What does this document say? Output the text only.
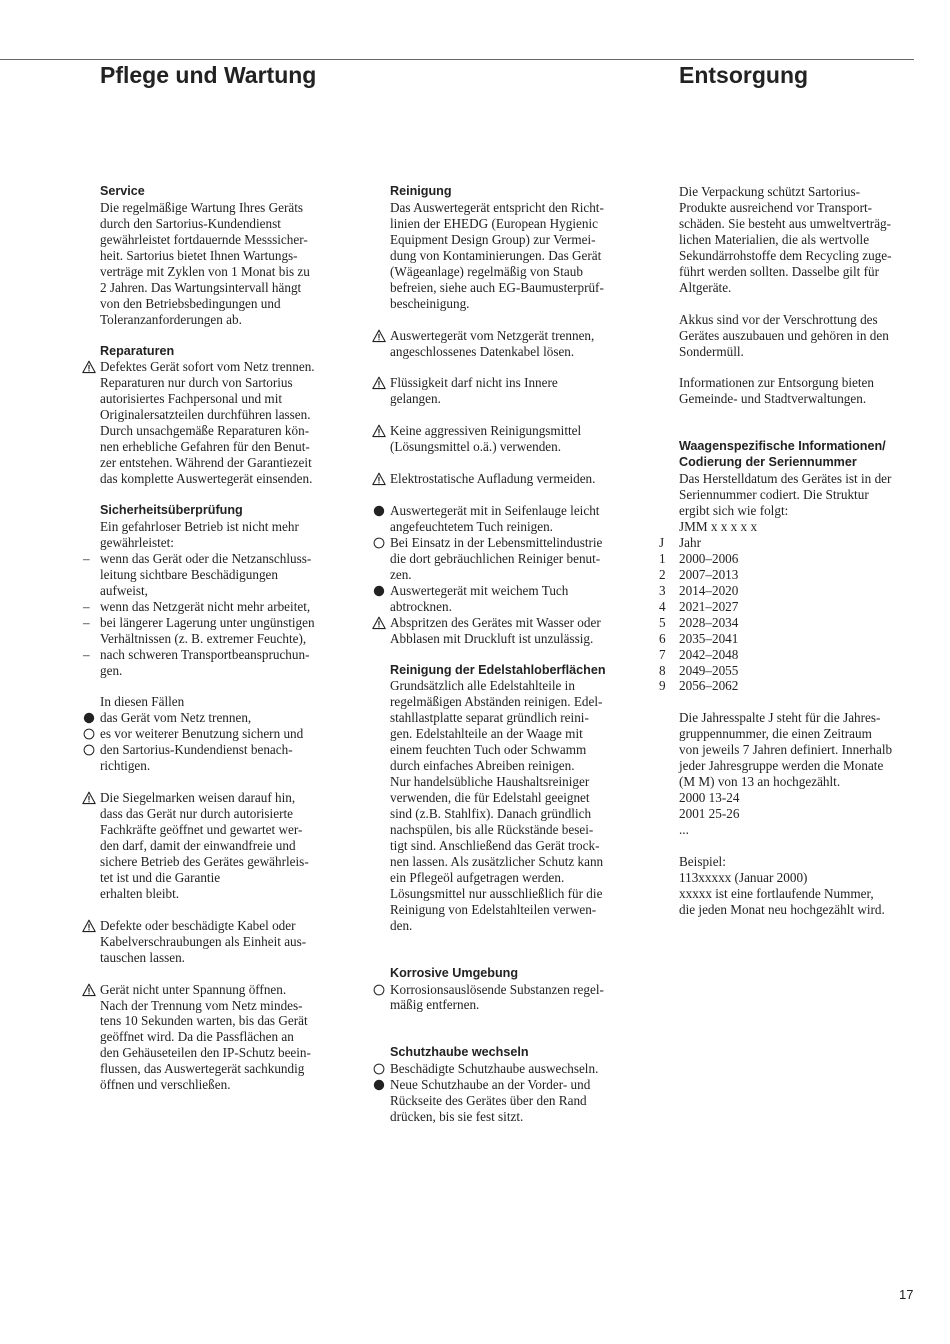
Pflege und Wartung	Entsorgung
Service
Die regelmäßige Wartung Ihres Geräts
durch den Sartorius-Kundendienst
gewährleistet fortdauernde Messsicher-
heit. Sartorius bietet Ihnen Wartungs-
verträge mit Zyklen von 1 Monat bis zu
2 Jahren. Das Wartungsintervall hängt
von den Betriebsbedingungen und
Toleranzanforderungen ab.
Reparaturen
Defektes Gerät sofort vom Netz trennen.
Reparaturen nur durch von Sartorius
autorisiertes Fachpersonal und mit
Originalersatzteilen durchführen lassen.
Durch unsachgemäße Reparaturen kön-
nen erhebliche Gefahren für den Benut-
zer entstehen. Während der Garantiezeit
das komplette Auswertegerät einsenden.
Sicherheitsüberprüfung
Ein gefahrloser Betrieb ist nicht mehr
gewährleistet:
– wenn das Gerät oder die Netzanschluss-
leitung sichtbare Beschädigungen
aufweist,
– wenn das Netzgerät nicht mehr arbeitet,
– bei längerer Lagerung unter ungünstigen
Verhältnissen (z. B. extremer Feuchte),
– nach schweren Transportbeanspruchun-
gen.
In diesen Fällen
das Gerät vom Netz trennen,
es vor weiterer Benutzung sichern und
den Sartorius-Kundendienst benach-
richtigen.
Die Siegelmarken weisen darauf hin,
dass das Gerät nur durch autorisierte
Fachkräfte geöffnet und gewartet wer-
den darf, damit der einwandfreie und
sichere Betrieb des Gerätes gewährleis-
tet ist und die Garantie
erhalten bleibt.
Defekte oder beschädigte Kabel oder
Kabelverschraubungen als Einheit aus-
tauschen lassen.
Gerät nicht unter Spannung öffnen.
Nach der Trennung vom Netz mindes-
tens 10 Sekunden warten, bis das Gerät
geöffnet wird. Da die Passflächen an
den Gehäuseteilen den IP-Schutz beein-
flussen, das Auswertegerät sachkundig
öffnen und verschließen.
Reinigung
Das Auswertegerät entspricht den Richt-
linien der EHEDG (European Hygienic
Equipment Design Group) zur Vermei-
dung von Kontaminierungen. Das Gerät
(Wägeanlage) regelmäßig von Staub
befreien, siehe auch EG-Baumusterprüf-
bescheinigung.
Auswertegerät vom Netzgerät trennen,
angeschlossenes Datenkabel lösen.
Flüssigkeit darf nicht ins Innere
gelangen.
Keine aggressiven Reinigungsmittel
(Lösungsmittel o.ä.) verwenden.
Elektrostatische Aufladung vermeiden.
Auswertegerät mit in Seifenlauge leicht
angefeuchtetem Tuch reinigen.
Bei Einsatz in der Lebensmittelindustrie
die dort gebräuchlichen Reiniger benut-
zen.
Auswertegerät mit weichem Tuch
abtrocknen.
Abspritzen des Gerätes mit Wasser oder
Abblasen mit Druckluft ist unzulässig.
Reinigung der Edelstahloberflächen
Grundsätzlich alle Edelstahlteile in
regelmäßigen Abständen reinigen. Edel-
stahllastplatte separat gründlich reini-
gen. Edelstahlteile an der Waage mit
einem feuchten Tuch oder Schwamm
durch einfaches Abreiben reinigen.
Nur handelsübliche Haushaltsreiniger
verwenden, die für Edelstahl geeignet
sind (z.B. Stahlfix). Danach gründlich
nachspülen, bis alle Rückstände besei-
tigt sind. Anschließend das Gerät trock-
nen lassen. Als zusätzlicher Schutz kann
ein Pflegeöl aufgetragen werden.
Lösungsmittel nur ausschließlich für die
Reinigung von Edelstahlteilen verwen-
den.
Korrosive Umgebung
Korrosionsauslösende Substanzen regel-
mäßig entfernen.
Schutzhaube wechseln
Beschädigte Schutzhaube auswechseln.
Neue Schutzhaube an der Vorder- und
Rückseite des Gerätes über den Rand
drücken, bis sie fest sitzt.
Die Verpackung schützt Sartorius-
Produkte ausreichend vor Transport-
schäden. Sie besteht aus umweltverträg-
lichen Materialien, die als wertvolle
Sekundärrohstoffe dem Recycling zuge-
führt werden sollten. Dasselbe gilt für
Altgeräte.
Akkus sind vor der Verschrottung des
Gerätes auszubauen und gehören in den
Sondermüll.
Informationen zur Entsorgung bieten
Gemeinde- und Stadtverwaltungen.
Waagenspezifische Informationen/
Codierung der Seriennummer
Das Herstelldatum des Gerätes ist in der
Seriennummer codiert. Die Struktur
ergibt sich wie folgt:
JMM x x x x x
J Jahr
1 2000–2006
2 2007–2013
3 2014–2020
4 2021–2027
5 2028–2034
6 2035–2041
7 2042–2048
8 2049–2055
9 2056–2062
Die Jahresspalte J steht für die Jahres-
gruppennummer, die einen Zeitraum
von jeweils 7 Jahren definiert. Innerhalb
jeder Jahresgruppe werden die Monate
(M M) von 13 an hochgezählt.
2000 13-24
2001 25-26
...
Beispiel:
113xxxxx (Januar 2000)
xxxxx ist eine fortlaufende Nummer,
die jeden Monat neu hochgezählt wird.
17
